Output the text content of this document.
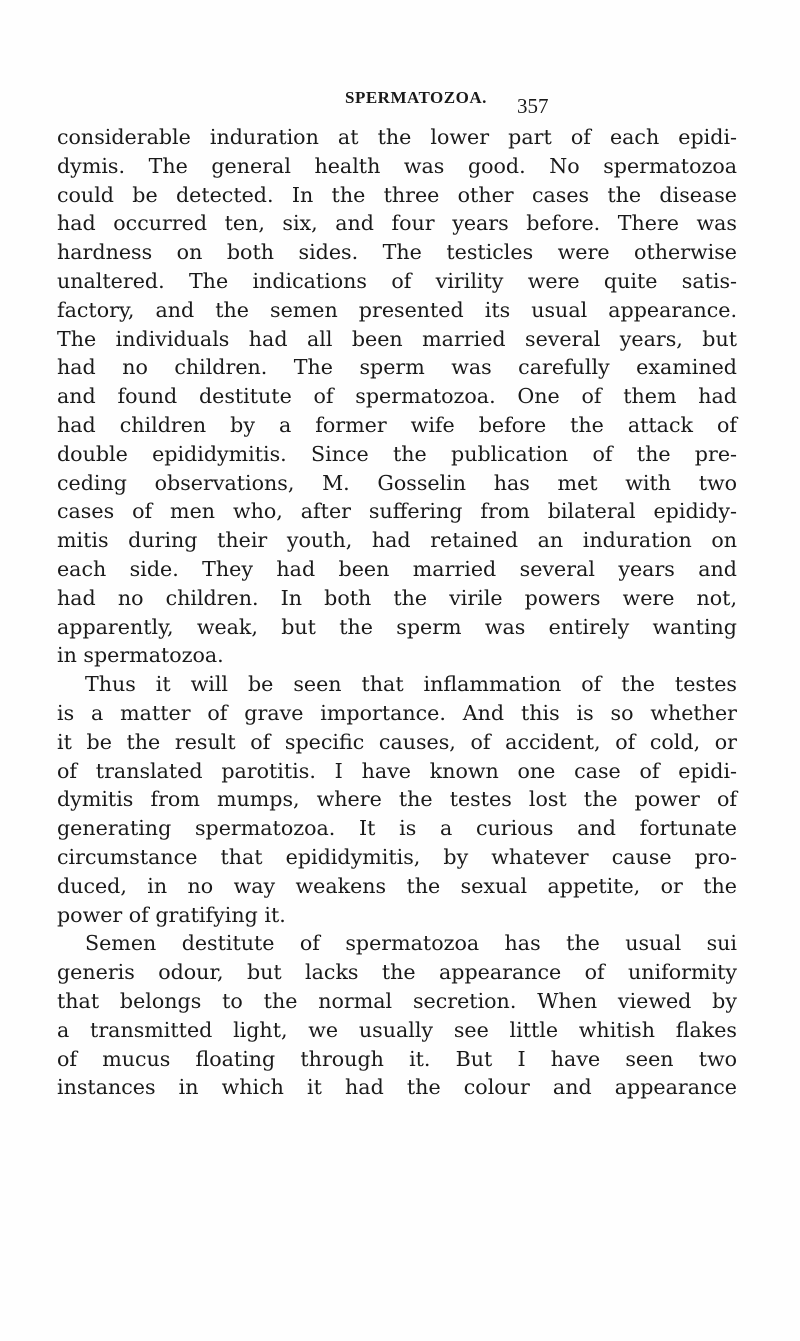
SPERMATOZOA. 357
considerable induration at the lower part of each epidi-
dymis. The general health was good. No spermatozoa
could be detected. In the three other cases the disease
had occurred ten, six, and four years before. There was
hardness on both sides. The testicles were otherwise
unaltered. The indications of virility were quite satis-
factory, and the semen presented its usual appearance.
The individuals had all been married several years, but
had no children. The sperm was carefully examined
and found destitute of spermatozoa. One of them had
had children by a former wife before the attack of
double epididymitis. Since the publication of the pre-
ceding observations, M. Gosselin has met with two
cases of men who, after suffering from bilateral epididy-
mitis during their youth, had retained an induration on
each side. They had been married several years and
had no children. In both the virile powers were not,
apparently, weak, but the sperm was entirely wanting
in spermatozoa.
Thus it will be seen that inflammation of the testes
is a matter of grave importance. And this is so whether
it be the result of specific causes, of accident, of cold, or
of translated parotitis. I have known one case of epidi-
dymitis from mumps, where the testes lost the power of
generating spermatozoa. It is a curious and fortunate
circumstance that epididymitis, by whatever cause pro-
duced, in no way weakens the sexual appetite, or the
power of gratifying it.
Semen destitute of spermatozoa has the usual sui
generis odour, but lacks the appearance of uniformity
that belongs to the normal secretion. When viewed by
a transmitted light, we usually see little whitish flakes
of mucus floating through it. But I have seen two
instances in which it had the colour and appearance
